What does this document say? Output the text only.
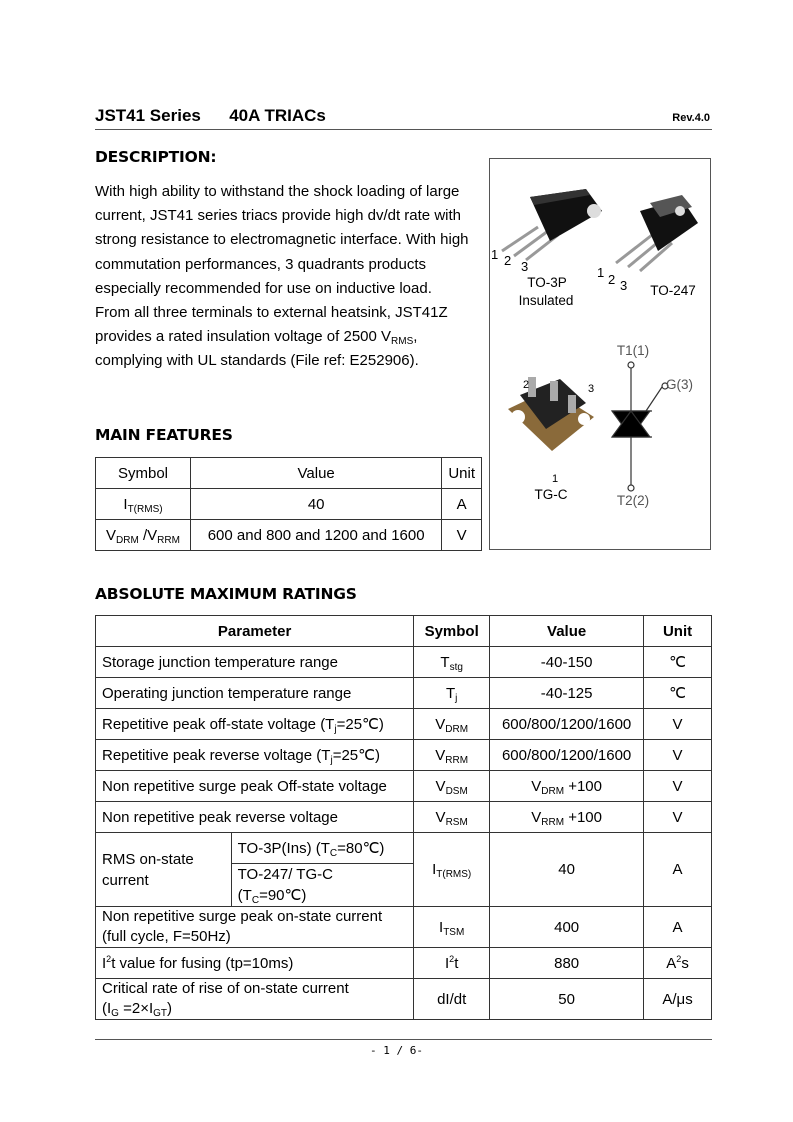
JST41 Series 40A TRIACs	Rev.4.0
DESCRIPTION:

With high ability to withstand the shock loading of large current, JST41 series triacs provide high dv/dt rate with strong resistance to electromagnetic interface. With high commutation performances, 3 quadrants products especially recommended for use on inductive load.

From all three terminals to external heatsink, JST41Z provides a rated insulation voltage of 2500 $V_{RMS}$, complying with UL standards (File ref: E252906).

1 2 3
TO-3P
Insulated
1 2 3	TO-247
2	3
1
TG-C
T1(1)
G(3)
T2(2)
MAIN FEATURES
Symbol	Value	Unit
$I_{T(RMS)}$	40	A
$V_{DRM}$ $/V_{RRM}$	600 and 800 and 1200 and 1600	V
ABSOLUTE MAXIMUM RATINGS
Parameter		Symbol	Value	Unit
Storage junction temperature range		$T_{stg}$	-40-150	℃
Operating junction temperature range		$T_j$	-40-125	℃
Repetitive peak off-state voltage $(T_j=25℃)$		$V_{DRM}$	600/800/1200/1600	V
Repetitive peak reverse voltage $(T_j=25℃)$		$V_{RRM}$	600/800/1200/1600	V
Non repetitive surge peak Off-state voltage		$V_{DSM}$	$V_{DRM} +100$	V
Non repetitive peak reverse voltage		$V_{RSM}$	$V_{RRM} +100$	V
RMS on-state current	TO-3P(Ins) $(T_C=80℃)$	$I_{T(RMS)}$	40	A
	TO-247/ TG-C
$(T_C=90℃)$			
Non repetitive surge peak on-state current (full cycle, F=50Hz)		$I_{TSM}$	400	A
$I^2t$ value for fusing (tp=10ms)		$I^2t$	880	$A^2s$
Critical rate of rise of on-state current
$(I_G =2\times I_{GT})$		dI/dt	50	A/μs
- 1 / 6-
